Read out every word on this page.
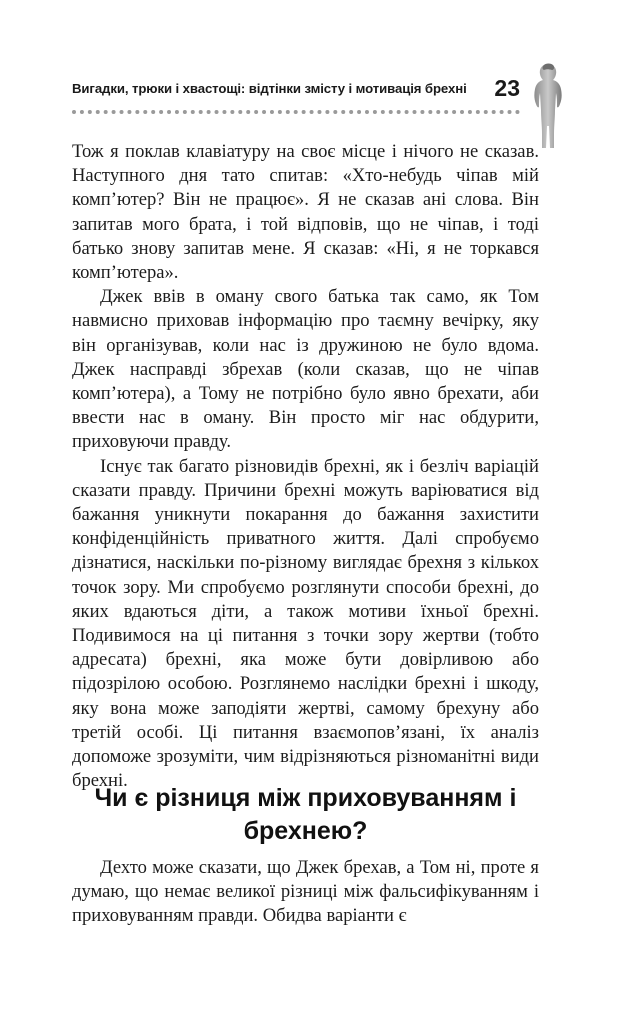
Вигадки, трюки і хвастощі: відтінки змісту і мотивація брехні 23

Тож я поклав клавіатуру на своє місце і нічого не сказав. Наступного дня тато спитав: «Хто-небудь чіпав мій комп’ютер? Він не працює». Я не сказав ані слова. Він запитав мого брата, і той відповів, що не чіпав, і тоді батько знову запитав мене. Я сказав: «Ні, я не торкався комп’ютера».

Джек ввів в оману свого батька так само, як Том навмисно приховав інформацію про таємну вечірку, яку він організував, коли нас із дружиною не було вдома. Джек насправді збрехав (коли сказав, що не чіпав комп’ютера), а Тому не потрібно було явно брехати, аби ввести нас в оману. Він просто міг нас обдурити, приховуючи правду.

Існує так багато різновидів брехні, як і безліч варіацій сказати правду. Причини брехні можуть варіюватися від бажання уникнути покарання до бажання захистити конфіденційність приватного життя. Далі спробуємо дізнатися, наскільки по-різному виглядає брехня з кількох точок зору. Ми спробуємо розглянути способи брехні, до яких вдаються діти, а також мотиви їхньої брехні. Подивимося на ці питання з точки зору жертви (тобто адресата) брехні, яка може бути довірливою або підозрілою особою. Розглянемо наслідки брехні і шкоду, яку вона може заподіяти жертві, самому брехуну або третій особі. Ці питання взаємопов’язані, їх аналіз допоможе зрозуміти, чим відрізняються різноманітні види брехні.

Чи є різниця між приховуванням і брехнею?

Дехто може сказати, що Джек брехав, а Том ні, проте я думаю, що немає великої різниці між фальсифікуванням і приховуванням правди. Обидва варіанти є
